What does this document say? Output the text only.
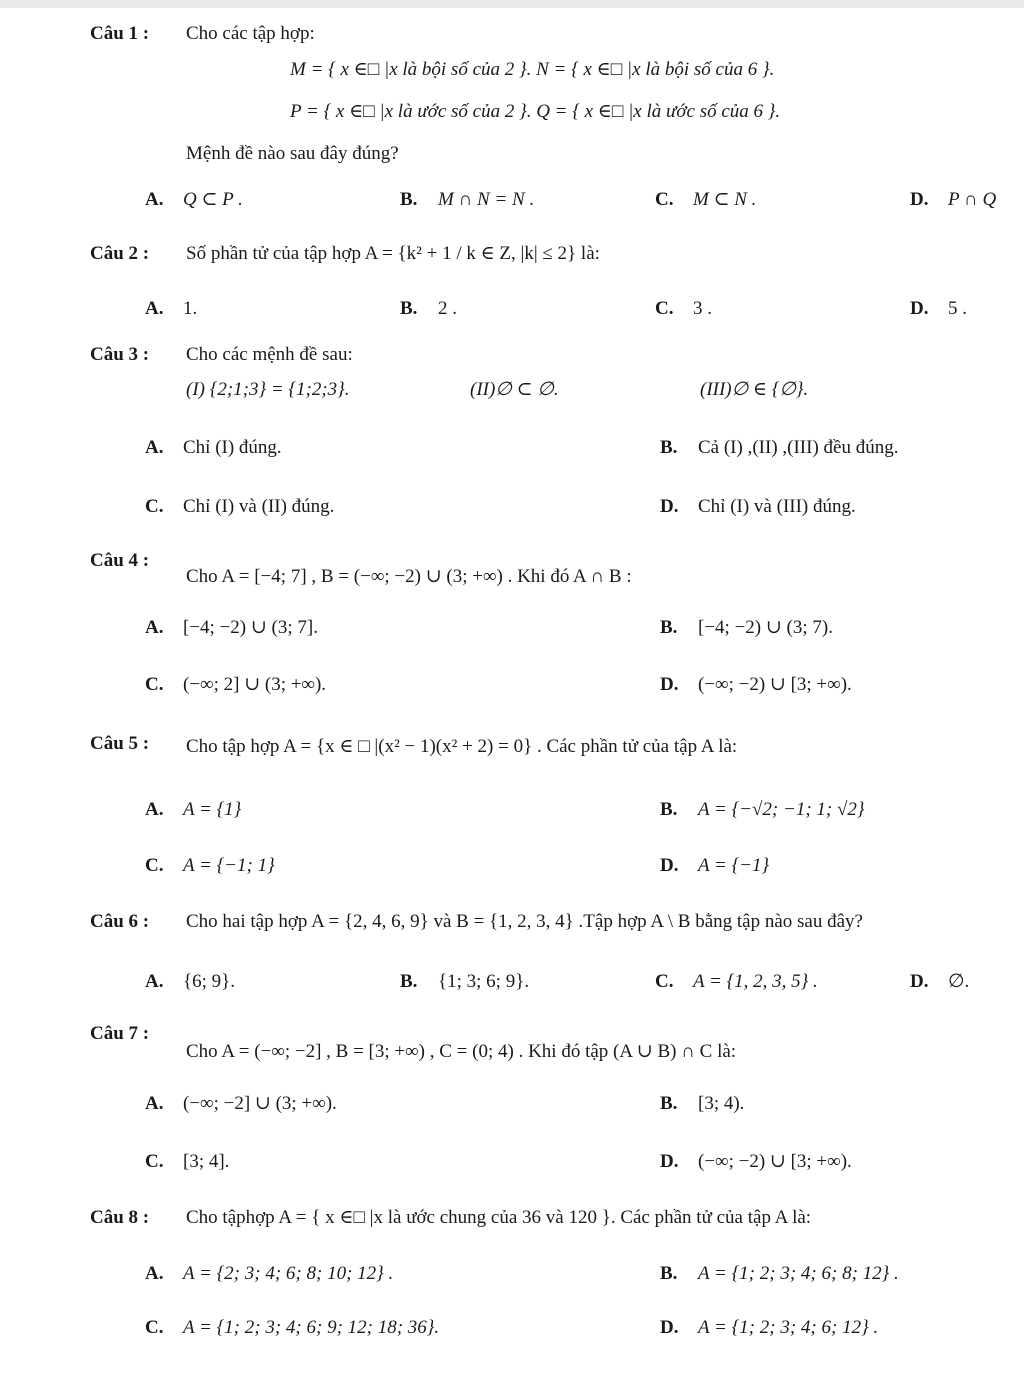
Câu 1 : Cho các tập hợp:
M = { x ∈□ |x là bội số của 2 }. N = { x ∈□ |x là bội số của 6 }.
P = { x ∈□ |x là ước số của 2 }. Q = { x ∈□ |x là ước số của 6 }.
Mệnh đề nào sau đây đúng?
A. Q ⊂ P .	B. M ∩ N = N .	C. M ⊂ N .	D. P ∩ Q
Câu 2 : Số phần tử của tập hợp A = {k² + 1 / k ∈ Z, |k| ≤ 2} là:
A. 1.	B. 2 .	C. 3 .	D. 5 .
Câu 3 : Cho các mệnh đề sau:
(I) {2;1;3} = {1;2;3}.	(II)∅ ⊂ ∅.	(III)∅ ∈ {∅}.
A. Chỉ (I) đúng.	B. Cả (I) ,(II) ,(III) đều đúng.
C. Chỉ (I) và (II) đúng.	D. Chỉ (I) và (III) đúng.
Câu 4 :
Cho A = [−4; 7] , B = (−∞; −2) ∪ (3; +∞) . Khi đó A ∩ B :
A. [−4; −2) ∪ (3; 7].	B. [−4; −2) ∪ (3; 7).
C. (−∞; 2] ∪ (3; +∞).	D. (−∞; −2) ∪ [3; +∞).
Câu 5 : Cho tập hợp A = {x ∈ □ |(x² − 1)(x² + 2) = 0} . Các phần tử của tập A là:
A. A = {1}	B. A = {−√2; −1; 1; √2}
C. A = {−1; 1}	D. A = {−1}
Câu 6 : Cho hai tập hợp A = {2, 4, 6, 9} và B = {1, 2, 3, 4} .Tập hợp A \ B bằng tập nào sau đây?
A. {6; 9}.	B. {1; 3; 6; 9}.	C. A = {1, 2, 3, 5} .	D. ∅.
Câu 7 :
Cho A = (−∞; −2] , B = [3; +∞) , C = (0; 4) . Khi đó tập (A ∪ B) ∩ C là:
A. (−∞; −2] ∪ (3; +∞).	B. [3; 4).
C. [3; 4].	D. (−∞; −2) ∪ [3; +∞).
Câu 8 : Cho tậphợp A = { x ∈□ |x là ước chung của 36 và 120 }. Các phần tử của tập A là:
A. A = {2; 3; 4; 6; 8; 10; 12} .	B. A = {1; 2; 3; 4; 6; 8; 12} .
C. A = {1; 2; 3; 4; 6; 9; 12; 18; 36}.	D. A = {1; 2; 3; 4; 6; 12} .
